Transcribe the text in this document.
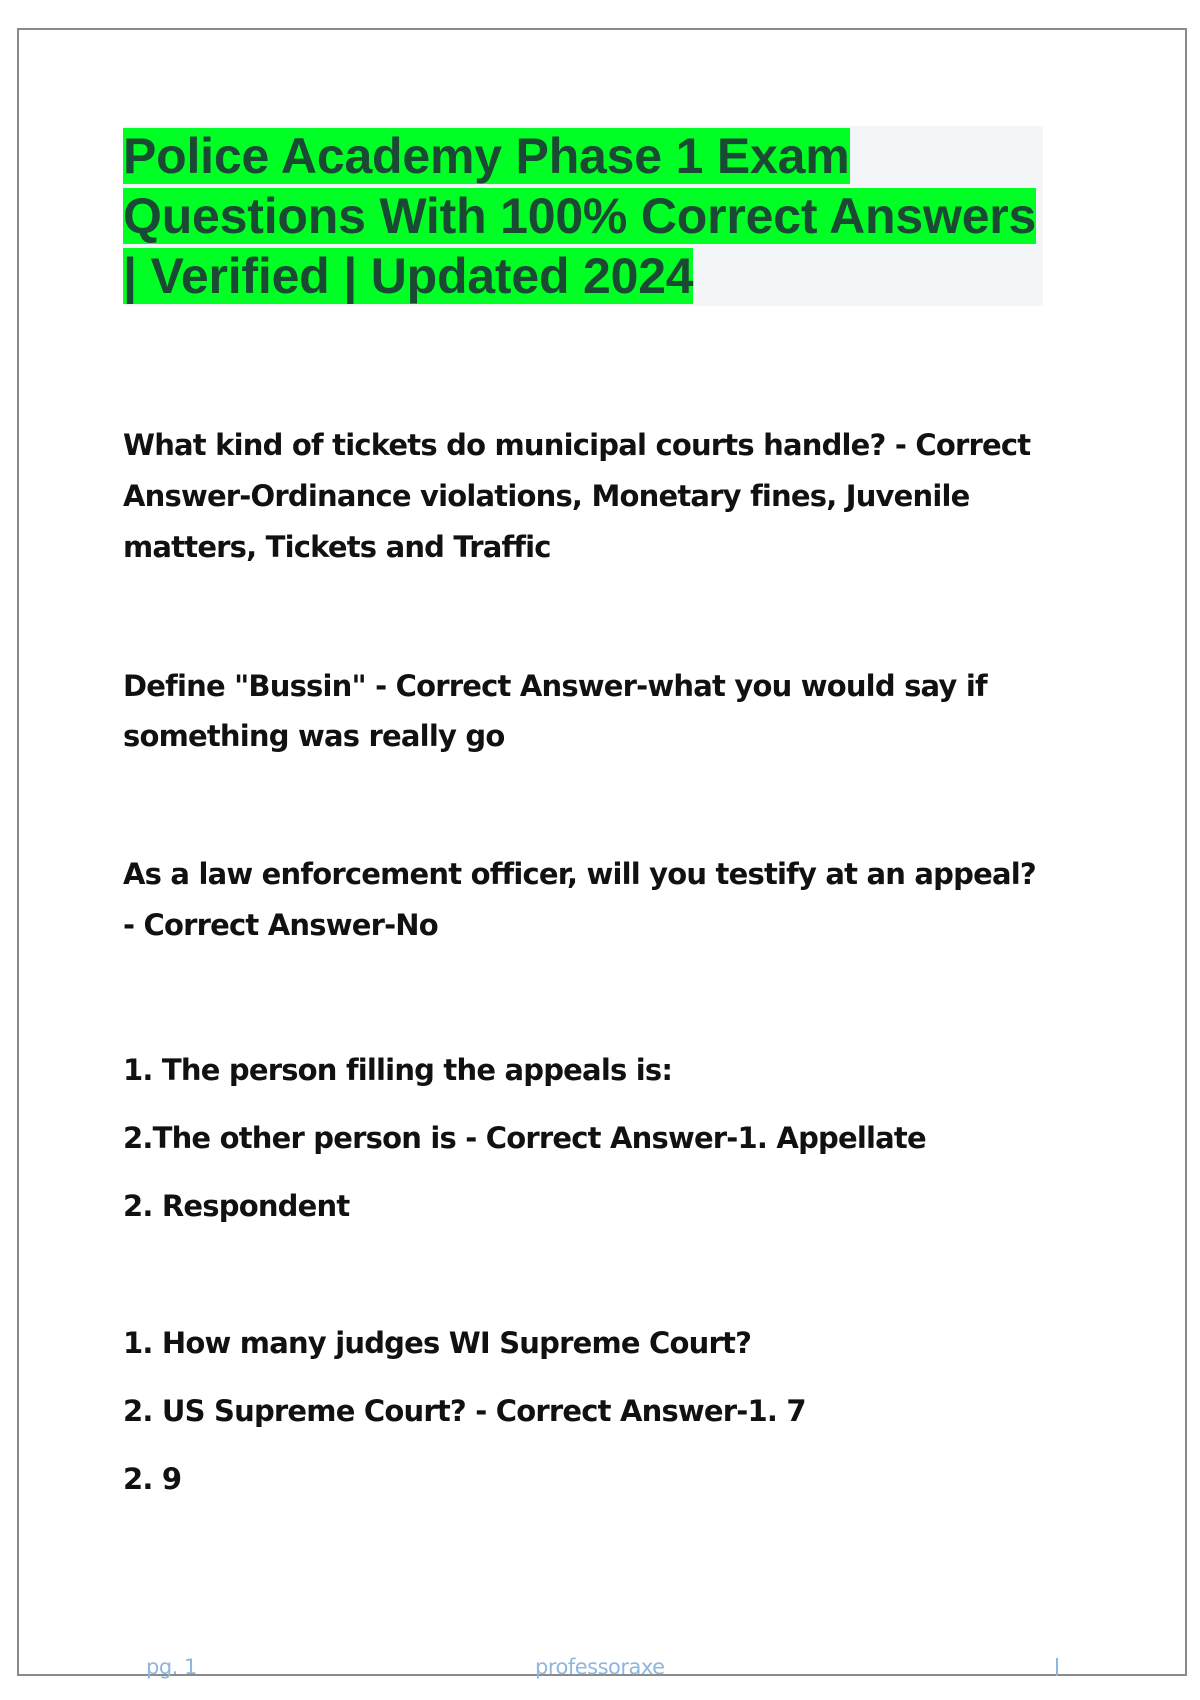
Police Academy Phase 1 Exam Questions With 100% Correct Answers | Verified | Updated 2024

What kind of tickets do municipal courts handle? - Correct Answer-Ordinance violations, Monetary fines, Juvenile matters, Tickets and Traffic

Define "Bussin" - Correct Answer-what you would say if something was really go

As a law enforcement officer, will you testify at an appeal? - Correct Answer-No

1. The person filling the appeals is:

2.The other person is - Correct Answer-1. Appellate

2. Respondent

1. How many judges WI Supreme Court?

2. US Supreme Court? - Correct Answer-1. 7

2. 9

pg. 1	professoraxe
